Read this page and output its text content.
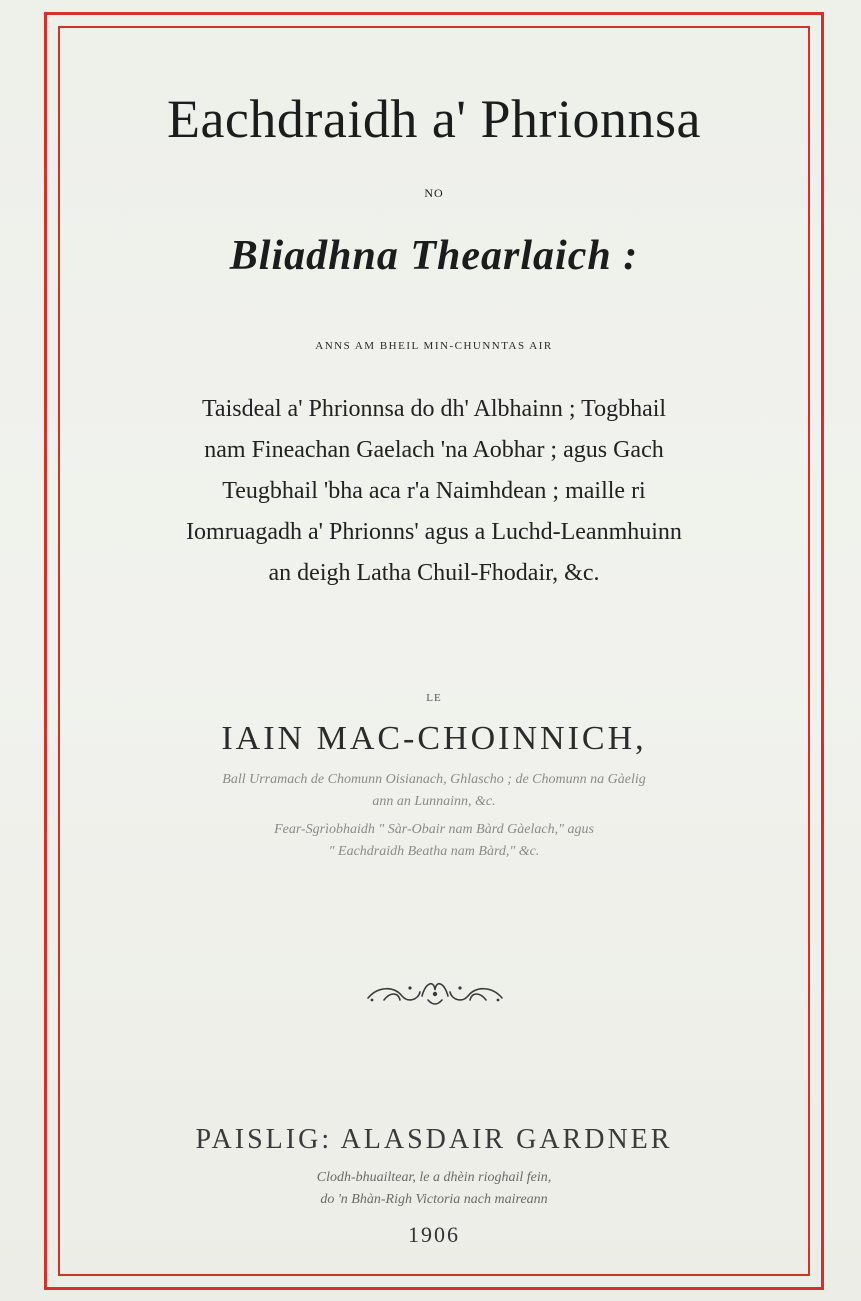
Eachdraidh a' Phrionnsa
NO
Bliadhna Thearlaich :
ANNS AM BHEIL MIN-CHUNNTAS AIR
Taisdeal a' Phrionnsa do dh' Albhainn ; Togbhail
nam Fineachan Gaelach 'na Aobhar ; agus Gach
Teugbhail 'bha aca r'a Naimhdean ; maille ri
Iomruagadh a' Phrionns' agus a Luchd-Leanmhuinn
an deigh Latha Chuil-Fhodair, &c.
LE
IAIN MAC-CHOINNICH,
Ball Urramach de Chomunn Oisianach, Ghlascho ; de Chomunn na Gàelig
ann an Lunnainn, &c.
Fear-Sgrìobhaidh " Sàr-Obair nam Bàrd Gàelach," agus
" Eachdraidh Beatha nam Bàrd," &c.
PAISLIG: ALASDAIR GARDNER
Clodh-bhuailtear, le a dhèin rioghail fein,
do 'n Bhàn-Righ Victoria nach maireann
1906
